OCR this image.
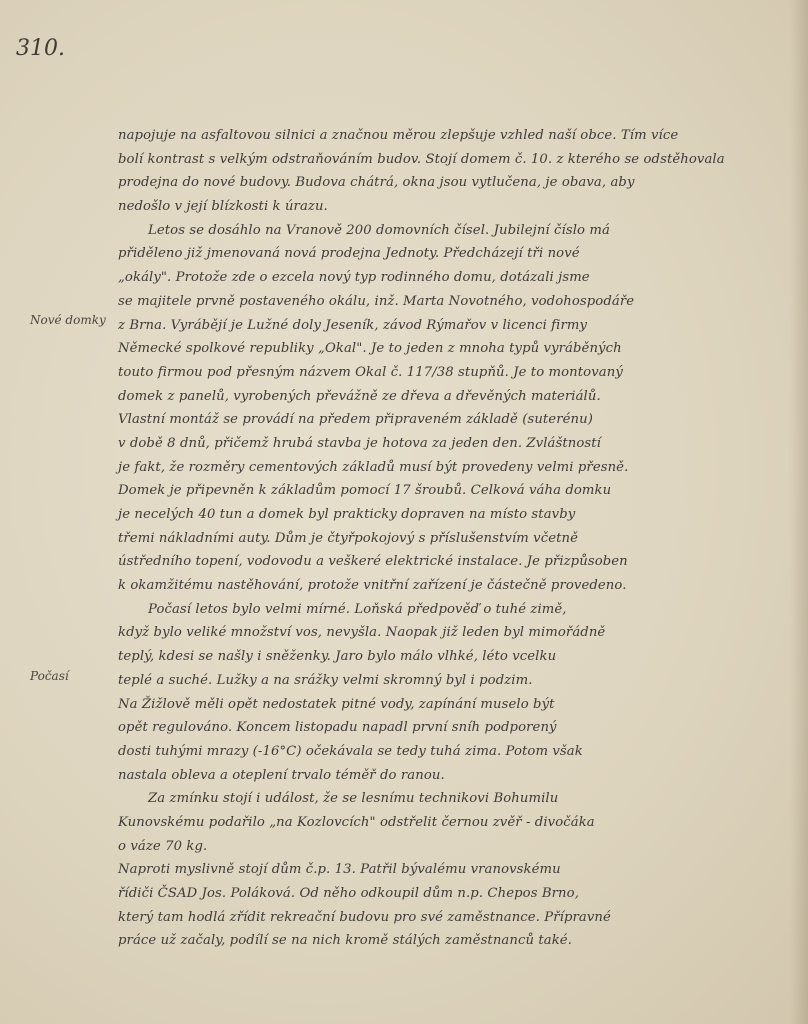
310.
Nové domky
Počasí
napojuje na asfaltovou silnici a značnou měrou zlepšuje vzhled naší obce. Tím více
bolí kontrast s velkým odstraňováním budov. Stojí domem č. 10. z kterého se odstěhovala
prodejna do nové budovy. Budova chátrá, okna jsou vytlučena, je obava, aby
nedošlo v její blízkosti k úrazu.
Letos se dosáhlo na Vranově 200 domovních čísel. Jubilejní číslo má
přiděleno již jmenovaná nová prodejna Jednoty. Předcházejí tři nové
„okály". Protože zde o ezcela nový typ rodinného domu, dotázali jsme
se majitele prvně postaveného okálu, inž. Marta Novotného, vodohospodáře
z Brna. Vyrábějí je Lužné doly Jeseník, závod Rýmařov v licenci firmy
Německé spolkové republiky „Okal". Je to jeden z mnoha typů vyráběných
touto firmou pod přesným názvem Okal č. 117/38 stupňů. Je to montovaný
domek z panelů, vyrobených převážně ze dřeva a dřevěných materiálů.
Vlastní montáž se provádí na předem připraveném základě (suterénu)
v době 8 dnů, přičemž hrubá stavba je hotova za jeden den. Zvláštností
je fakt, že rozměry cementových základů musí být provedeny velmi přesně.
Domek je připevněn k základům pomocí 17 šroubů. Celková váha domku
je necelých 40 tun a domek byl prakticky dopraven na místo stavby
třemi nákladními auty. Dům je čtyřpokojový s příslušenstvím včetně
ústředního topení, vodovodu a veškeré elektrické instalace. Je přizpůsoben
k okamžitému nastěhování, protože vnitřní zařízení je částečně provedeno.
Počasí letos bylo velmi mírné. Loňská předpověď o tuhé zimě,
když bylo veliké množství vos, nevyšla. Naopak již leden byl mimořádně
teplý, kdesi se našly i sněženky. Jaro bylo málo vlhké, léto vcelku
teplé a suché. Lužky a na srážky velmi skromný byl i podzim.
Na Žižlově měli opět nedostatek pitné vody, zapínání muselo být
opět regulováno. Koncem listopadu napadl první sníh podporený
dosti tuhými mrazy (-16°C) očekávala se tedy tuhá zima. Potom však
nastala obleva a oteplení trvalo téměř do ranou.
Za zmínku stojí i událost, že se lesnímu technikovi Bohumilu
Kunovskému podařilo „na Kozlovcích" odstřelit černou zvěř - divočáka
o váze 70 kg.
Naproti myslivně stojí dům č.p. 13. Patřil bývalému vranovskému
řídiči ČSAD Jos. Poláková. Od něho odkoupil dům n.p. Chepos Brno,
který tam hodlá zřídit rekreační budovu pro své zaměstnance. Přípravné
práce už začaly, podílí se na nich kromě stálých zaměstnanců také.
